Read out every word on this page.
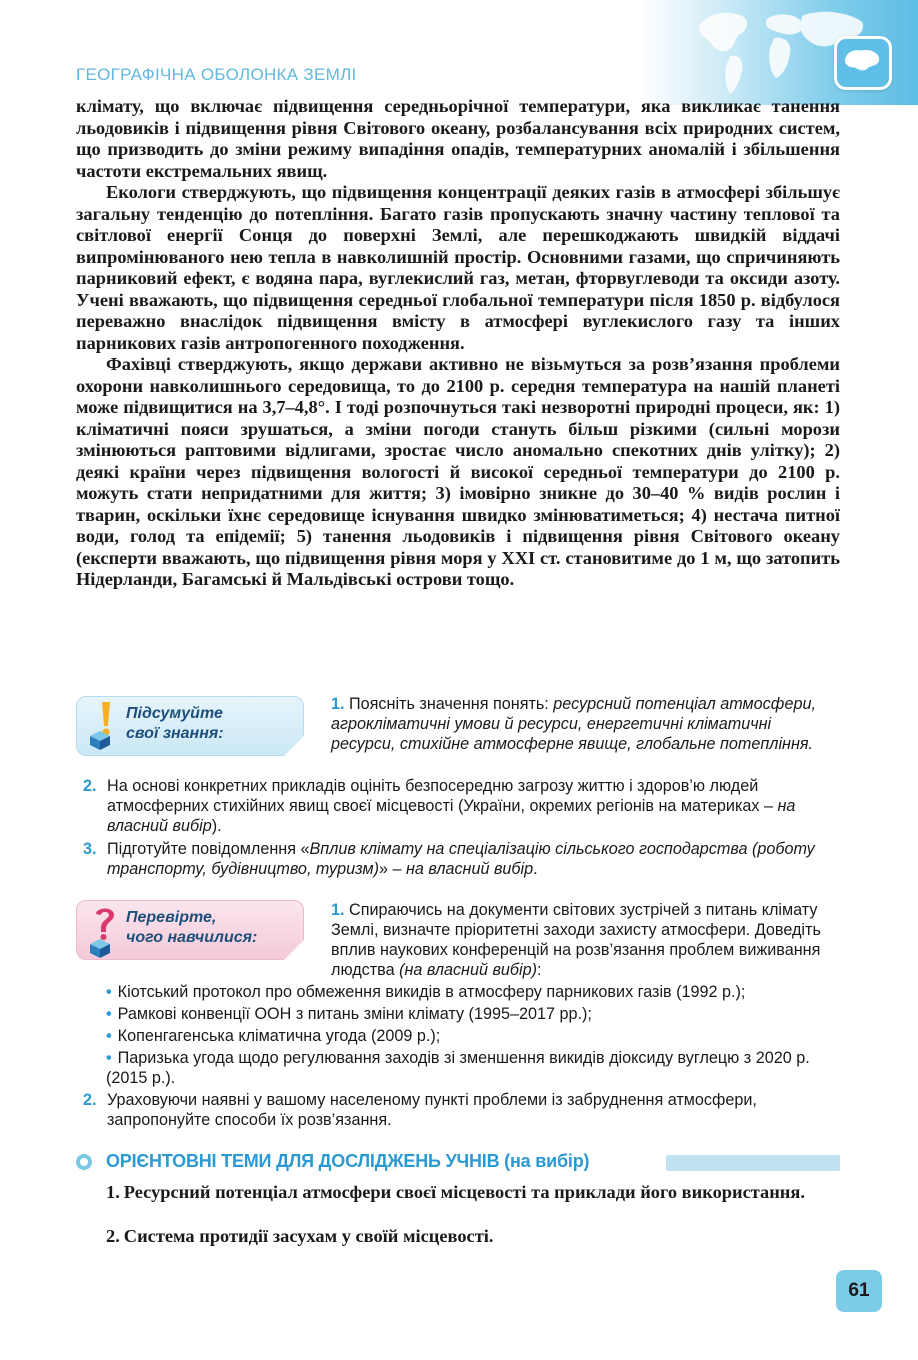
ГЕОГРАФІЧНА ОБОЛОНКА ЗЕМЛІ

клімату, що включає підвищення середньорічної температури, яка викликає танення льодовиків і підвищення рівня Світового океану, розбалансування всіх природних систем, що призводить до зміни режиму випадіння опадів, температурних аномалій і збільшення частоти екстремальних явищ.

Екологи стверджують, що підвищення концентрації деяких газів в атмосфері збільшує загальну тенденцію до потепління. Багато газів пропускають значну частину теплової та світлової енергії Сонця до поверхні Землі, але перешкоджають швидкій віддачі випромінюваного нею тепла в навколишній простір. Основними газами, що спричиняють парниковий ефект, є водяна пара, вуглекислий газ, метан, фторвуглеводи та оксиди азоту. Учені вважають, що підвищення середньої глобальної температури після 1850 р. відбулося переважно внаслідок підвищення вмісту в атмосфері вуглекислого газу та інших парникових газів антропогенного походження.

Фахівці стверджують, якщо держави активно не візьмуться за розв’язання проблеми охорони навколишнього середовища, то до 2100 р. середня температура на нашій планеті може підвищитися на 3,7–4,8°. І тоді розпочнуться такі незворотні природні процеси, як: 1) кліматичні пояси зрушаться, а зміни погоди стануть більш різкими (сильні морози змінюються раптовими відлигами, зростає число аномально спекотних днів улітку); 2) деякі країни через підвищення вологості й високої середньої температури до 2100 р. можуть стати непридатними для життя; 3) імовірно зникне до 30–40 % видів рослин і тварин, оскільки їхнє середовище існування швидко змінюватиметься; 4) нестача питної води, голод та епідемії; 5) танення льодовиків і підвищення рівня Світового океану (експерти вважають, що підвищення рівня моря у XXI ст. становитиме до 1 м, що затопить Нідерланди, Багамські й Мальдівські острови тощо.

Підсумуйте
свої знання:
1. Поясніть значення понять: ресурсний потенціал атмосфери, агрокліматичні умови й ресурси, енергетичні кліматичні ресурси, стихійне атмосферне явище, глобальне потепління.
2. На основі конкретних прикладів оцініть безпосередню загрозу життю і здоров’ю людей атмосферних стихійних явищ своєї місцевості (України, окремих регіонів на материках – на власний вибір).
3. Підготуйте повідомлення «Вплив клімату на спеціалізацію сільського господарства (роботу транспорту, будівництво, туризм)» – на власний вибір.
Перевірте,
чого навчилися:
1. Спираючись на документи світових зустрічей з питань клімату Землі, визначте пріоритетні заходи захисту атмосфери. Доведіть вплив наукових конференцій на розв’язання проблем виживання людства (на власний вибір):
• Кіотський протокол про обмеження викидів в атмосферу парникових газів (1992 р.);
• Рамкові конвенції ООН з питань зміни клімату (1995–2017 рр.);
• Копенгагенська кліматична угода (2009 р.);
• Паризька угода щодо регулювання заходів зі зменшення викидів діоксиду вуглецю з 2020 р. (2015 р.).
2. Ураховуючи наявні у вашому населеному пункті проблеми із забруднення атмосфери, запропонуйте способи їх розв’язання.
ОРІЄНТОВНІ ТЕМИ ДЛЯ ДОСЛІДЖЕНЬ УЧНІВ (на вибір)
1. Ресурсний потенціал атмосфери своєї місцевості та приклади його використання.
2. Система протидії засухам у своїй місцевості.
61
